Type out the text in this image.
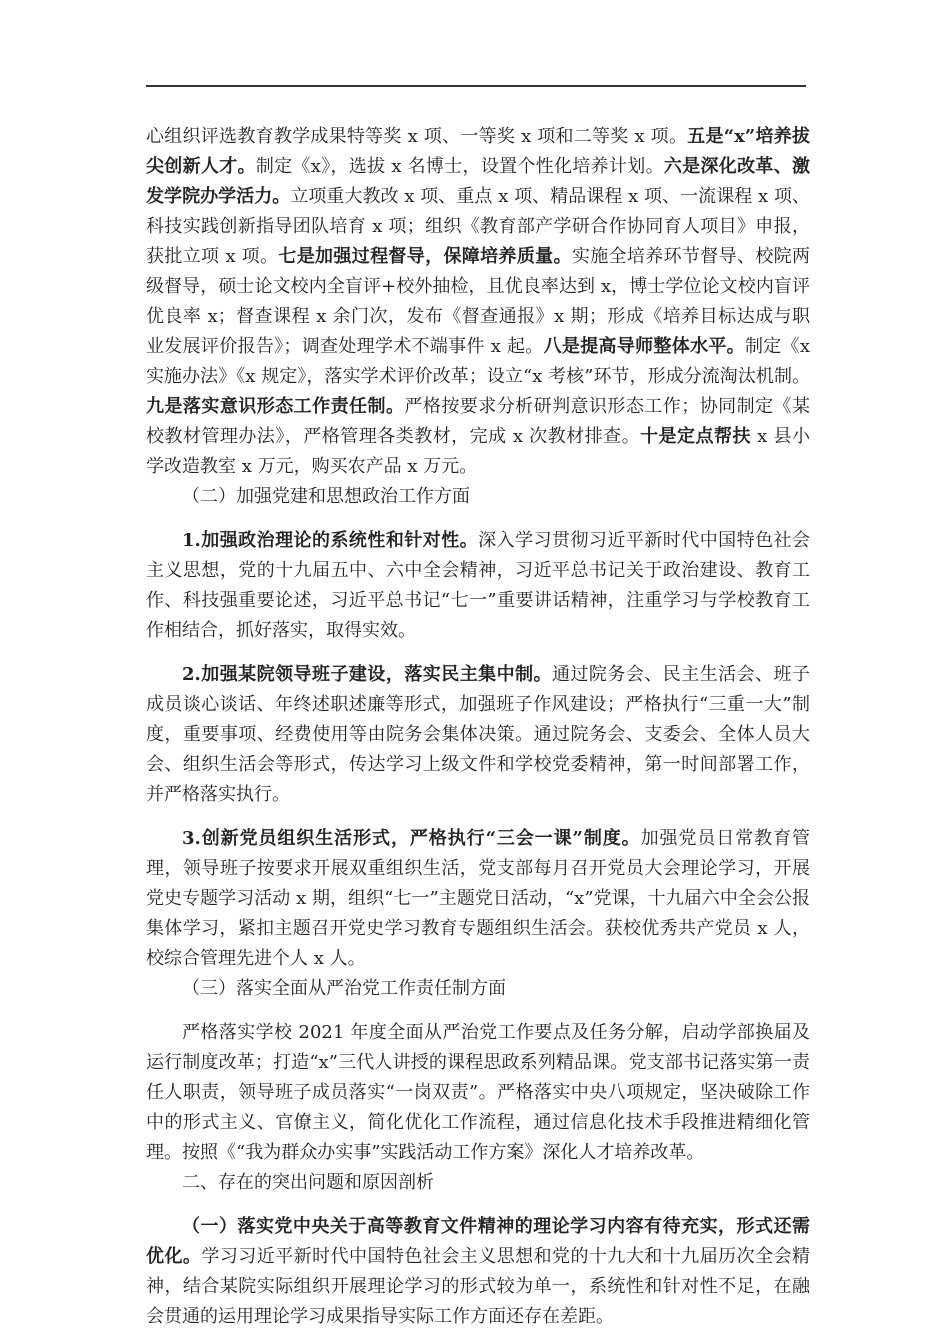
心组织评选教育教学成果特等奖 x 项、一等奖 x 项和二等奖 x 项。五是“x”培养拔尖创新人才。制定《x》，选拔 x 名博士，设置个性化培养计划。六是深化改革、激发学院办学活力。立项重大教改 x 项、重点 x 项、精品课程 x 项、一流课程 x 项、科技实践创新指导团队培育 x 项；组织《教育部产学研合作协同育人项目》申报，获批立项 x 项。七是加强过程督导，保障培养质量。实施全培养环节督导、校院两级督导，硕士论文校内全盲评+校外抽检，且优良率达到 x，博士学位论文校内盲评优良率 x；督查课程 x 余门次，发布《督查通报》x 期；形成《培养目标达成与职业发展评价报告》；调查处理学术不端事件 x 起。八是提高导师整体水平。制定《x 实施办法》《x 规定》，落实学术评价改革；设立“x 考核”环节，形成分流淘汰机制。九是落实意识形态工作责任制。严格按要求分析研判意识形态工作；协同制定《某校教材管理办法》，严格管理各类教材，完成 x 次教材排查。十是定点帮扶 x 县小学改造教室 x 万元，购买农产品 x 万元。

（二）加强党建和思想政治工作方面

1.加强政治理论的系统性和针对性。深入学习贯彻习近平新时代中国特色社会主义思想，党的十九届五中、六中全会精神，习近平总书记关于政治建设、教育工作、科技强重要论述，习近平总书记“七一”重要讲话精神，注重学习与学校教育工作相结合，抓好落实，取得实效。

2.加强某院领导班子建设，落实民主集中制。通过院务会、民主生活会、班子成员谈心谈话、年终述职述廉等形式，加强班子作风建设；严格执行“三重一大”制度，重要事项、经费使用等由院务会集体决策。通过院务会、支委会、全体人员大会、组织生活会等形式，传达学习上级文件和学校党委精神，第一时间部署工作，并严格落实执行。

3.创新党员组织生活形式，严格执行“三会一课”制度。加强党员日常教育管理，领导班子按要求开展双重组织生活，党支部每月召开党员大会理论学习，开展党史专题学习活动 x 期，组织“七一”主题党日活动，“x”党课，十九届六中全会公报集体学习，紧扣主题召开党史学习教育专题组织生活会。获校优秀共产党员 x 人，校综合管理先进个人 x 人。

（三）落实全面从严治党工作责任制方面

严格落实学校 2021 年度全面从严治党工作要点及任务分解，启动学部换届及运行制度改革；打造“x”三代人讲授的课程思政系列精品课。党支部书记落实第一责任人职责，领导班子成员落实“一岗双责”。严格落实中央八项规定，坚决破除工作中的形式主义、官僚主义，简化优化工作流程，通过信息化技术手段推进精细化管理。按照《“我为群众办实事”实践活动工作方案》深化人才培养改革。

二、存在的突出问题和原因剖析

（一）落实党中央关于高等教育文件精神的理论学习内容有待充实，形式还需优化。学习习近平新时代中国特色社会主义思想和党的十九大和十九届历次全会精神，结合某院实际组织开展理论学习的形式较为单一，系统性和针对性不足，在融会贯通的运用理论学习成果指导实际工作方面还存在差距。
